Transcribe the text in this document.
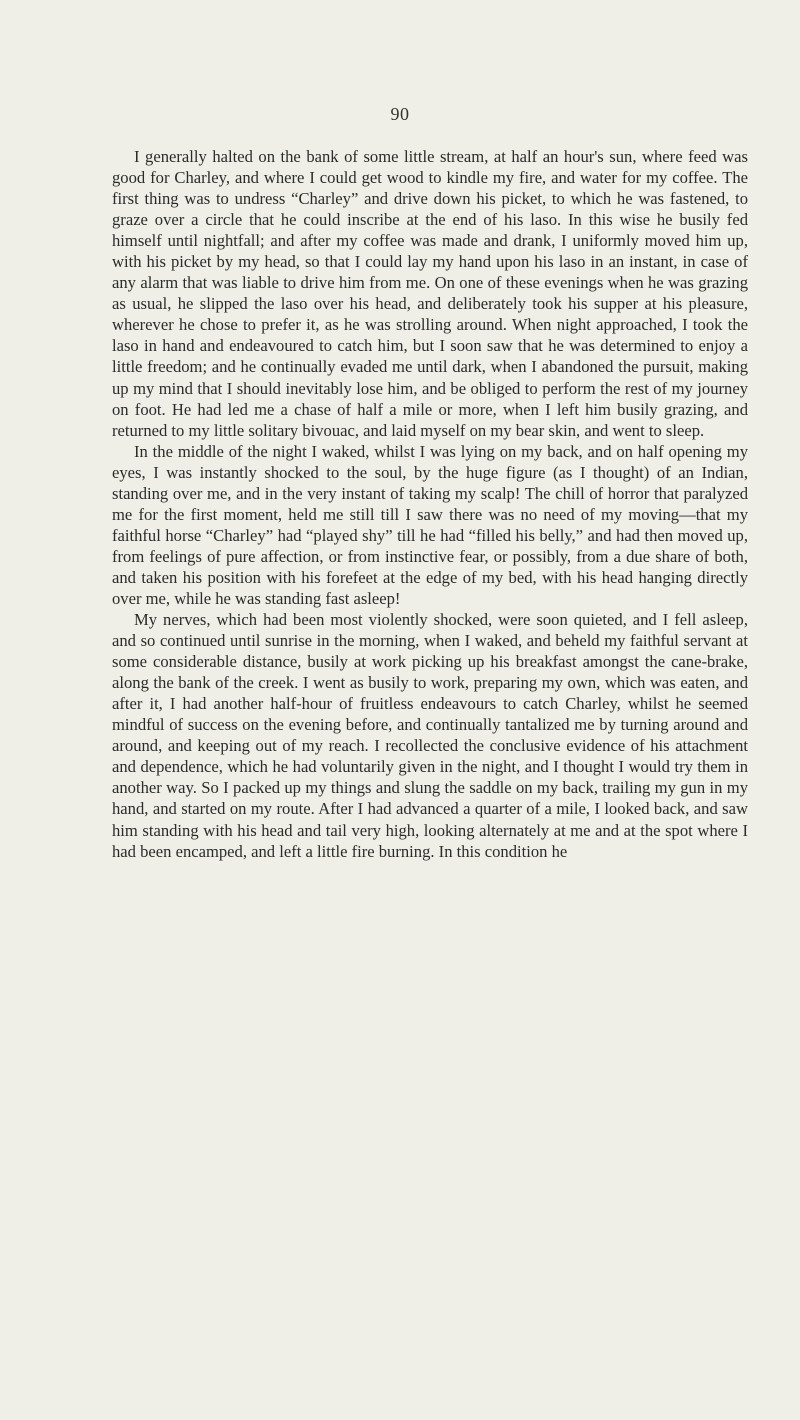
90

I generally halted on the bank of some little stream, at half an hour's sun, where feed was good for Charley, and where I could get wood to kindle my fire, and water for my coffee. The first thing was to undress “Charley” and drive down his picket, to which he was fastened, to graze over a circle that he could inscribe at the end of his laso. In this wise he busily fed himself until nightfall; and after my coffee was made and drank, I uniformly moved him up, with his picket by my head, so that I could lay my hand upon his laso in an instant, in case of any alarm that was liable to drive him from me. On one of these evenings when he was grazing as usual, he slipped the laso over his head, and deliberately took his supper at his pleasure, wherever he chose to prefer it, as he was strolling around. When night approached, I took the laso in hand and endeavoured to catch him, but I soon saw that he was determined to enjoy a little freedom; and he continually evaded me until dark, when I abandoned the pursuit, making up my mind that I should inevitably lose him, and be obliged to perform the rest of my journey on foot. He had led me a chase of half a mile or more, when I left him busily grazing, and returned to my little solitary bivouac, and laid myself on my bear skin, and went to sleep.

In the middle of the night I waked, whilst I was lying on my back, and on half opening my eyes, I was instantly shocked to the soul, by the huge figure (as I thought) of an Indian, standing over me, and in the very instant of taking my scalp! The chill of horror that paralyzed me for the first moment, held me still till I saw there was no need of my moving—that my faithful horse “Charley” had “played shy” till he had “filled his belly,” and had then moved up, from feelings of pure affection, or from instinctive fear, or possibly, from a due share of both, and taken his position with his forefeet at the edge of my bed, with his head hanging directly over me, while he was standing fast asleep!

My nerves, which had been most violently shocked, were soon quieted, and I fell asleep, and so continued until sunrise in the morning, when I waked, and beheld my faithful servant at some considerable distance, busily at work picking up his breakfast amongst the cane-brake, along the bank of the creek. I went as busily to work, preparing my own, which was eaten, and after it, I had another half-hour of fruitless endeavours to catch Charley, whilst he seemed mindful of success on the evening before, and continually tantalized me by turning around and around, and keeping out of my reach. I recollected the conclusive evidence of his attachment and dependence, which he had voluntarily given in the night, and I thought I would try them in another way. So I packed up my things and slung the saddle on my back, trailing my gun in my hand, and started on my route. After I had advanced a quarter of a mile, I looked back, and saw him standing with his head and tail very high, looking alternately at me and at the spot where I had been encamped, and left a little fire burning. In this condition he
